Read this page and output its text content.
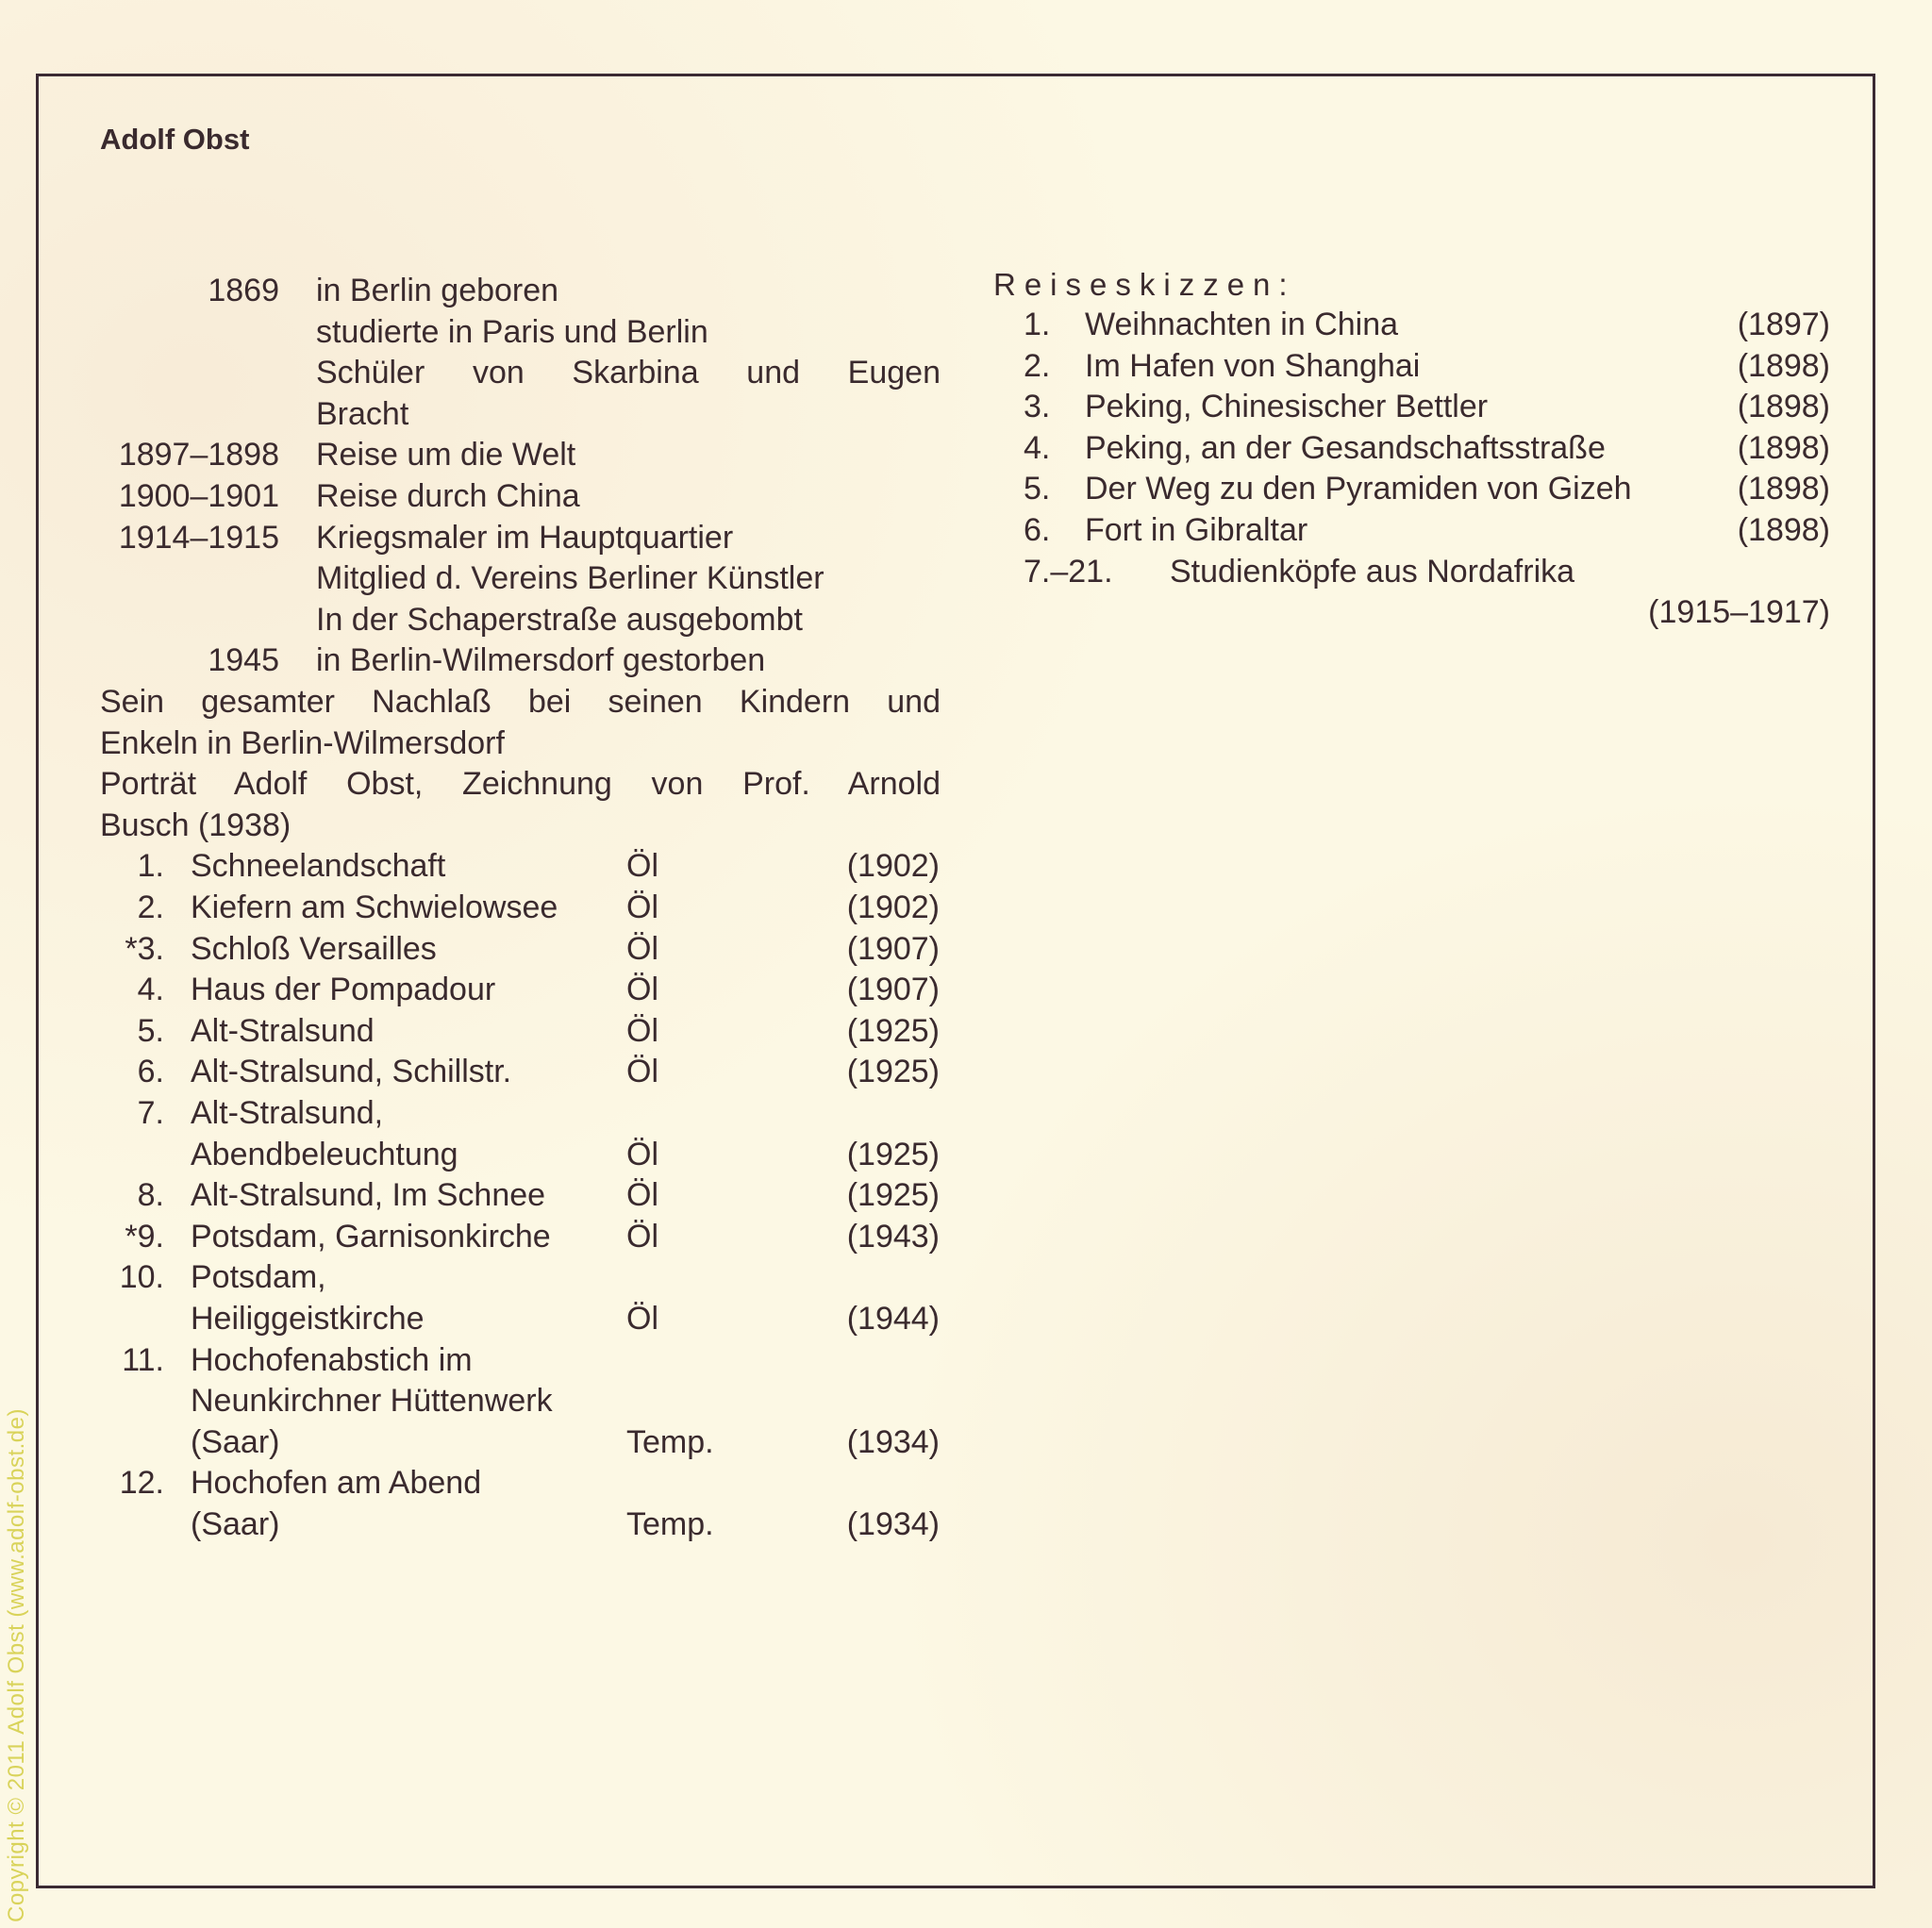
Copyright © 2011 Adolf Obst (www.adolf-obst.de)
Adolf Obst
1869 in Berlin geboren
studierte in Paris und Berlin
Schüler von Skarbina und Eugen
Bracht
1897–1898 Reise um die Welt
1900–1901 Reise durch China
1914–1915 Kriegsmaler im Hauptquartier
Mitglied d. Vereins Berliner Künstler
In der Schaperstraße ausgebombt
1945 in Berlin-Wilmersdorf gestorben
Sein gesamter Nachlaß bei seinen Kindern und
Enkeln in Berlin-Wilmersdorf
Porträt Adolf Obst, Zeichnung von Prof. Arnold
Busch (1938)
1. Schneelandschaft	Öl	(1902)
2. Kiefern am Schwielowsee Öl	(1902)
*3. Schloß Versailles	Öl	(1907)
4. Haus der Pompadour	Öl	(1907)
5. Alt-Stralsund	Öl	(1925)
6. Alt-Stralsund, Schillstr.	Öl	(1925)
7. Alt-Stralsund,
Abendbeleuchtung	Öl	(1925)
8. Alt-Stralsund, Im Schnee	Öl	(1925)
*9. Potsdam, Garnisonkirche Öl	(1943)
10. Potsdam,
Heiliggeistkirche	Öl	(1944)
11. Hochofenabstich im
Neunkirchner Hüttenwerk
(Saar)	Temp.	(1934)
12. Hochofen am Abend
(Saar)	Temp.	(1934)
Reiseskizzen:
1. Weihnachten in China	(1897)
2. Im Hafen von Shanghai	(1898)
3. Peking, Chinesischer Bettler	(1898)
4. Peking, an der Gesandschaftsstraße	(1898)
5. Der Weg zu den Pyramiden von Gizeh	(1898)
6. Fort in Gibraltar	(1898)
7.–21. Studienköpfe aus Nordafrika
(1915–1917)
